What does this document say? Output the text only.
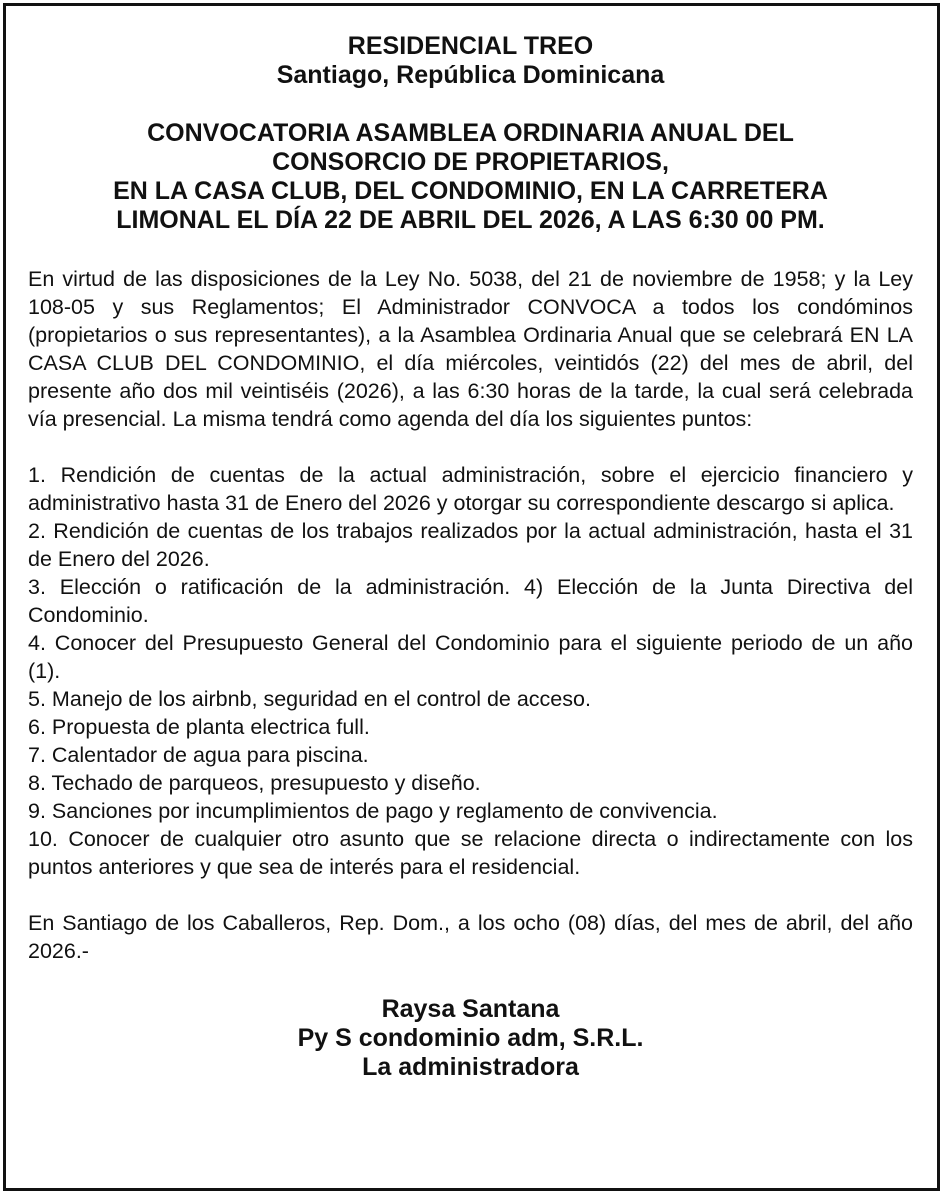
RESIDENCIAL TREO
Santiago, República Dominicana
CONVOCATORIA ASAMBLEA ORDINARIA ANUAL DEL
CONSORCIO DE PROPIETARIOS,
EN LA CASA CLUB, DEL CONDOMINIO, EN LA CARRETERA
LIMONAL EL DÍA 22 DE ABRIL DEL 2026, A LAS 6:30 00 PM.

En virtud de las disposiciones de la Ley No. 5038, del 21 de noviembre de 1958; y la Ley 108-05 y sus Reglamentos; El Administrador CONVOCA a todos los condóminos (propietarios o sus representantes), a la Asamblea Ordinaria Anual que se celebrará EN LA CASA CLUB DEL CONDOMINIO, el día miércoles, veintidós (22) del mes de abril, del presente año dos mil veintiséis (2026), a las 6:30 horas de la tarde, la cual será celebrada vía presencial. La misma tendrá como agenda del día los siguientes puntos:

1. Rendición de cuentas de la actual administración, sobre el ejercicio financiero y administrativo hasta 31 de Enero del 2026 y otorgar su correspondiente descargo si aplica.
2. Rendición de cuentas de los trabajos realizados por la actual administración, hasta el 31 de Enero del 2026.
3. Elección o ratificación de la administración. 4) Elección de la Junta Directiva del Condominio.
4. Conocer del Presupuesto General del Condominio para el siguiente periodo de un año (1).
5. Manejo de los airbnb, seguridad en el control de acceso.
6. Propuesta de planta electrica full.
7. Calentador de agua para piscina.
8. Techado de parqueos, presupuesto y diseño.
9. Sanciones por incumplimientos de pago y reglamento de convivencia.
10. Conocer de cualquier otro asunto que se relacione directa o indirectamente con los puntos anteriores y que sea de interés para el residencial.

En Santiago de los Caballeros, Rep. Dom., a los ocho (08) días, del mes de abril, del año 2026.-

Raysa Santana
Py S condominio adm, S.R.L.
La administradora
